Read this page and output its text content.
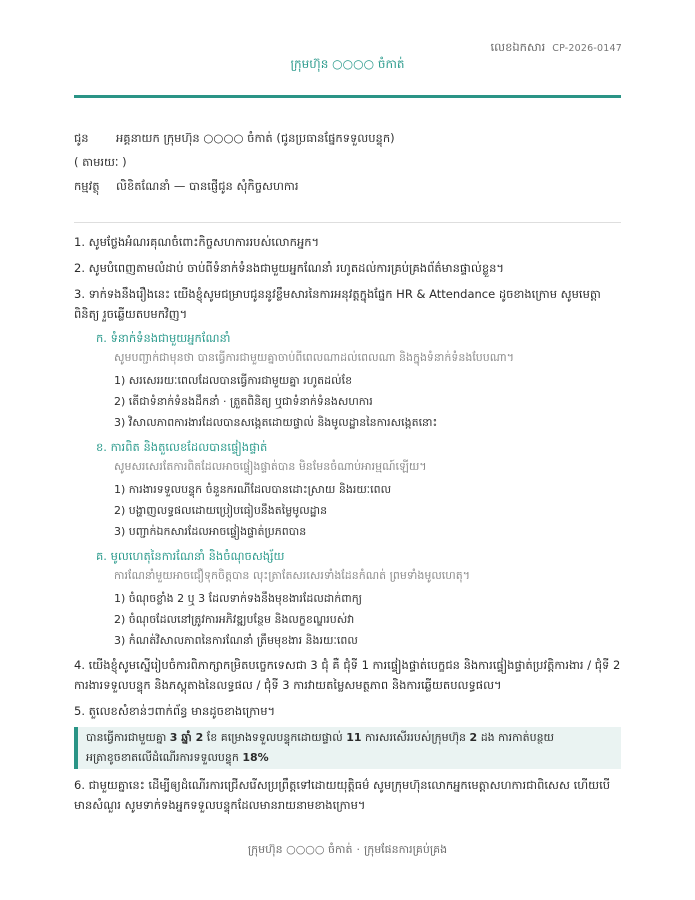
លេខឯកសារ CP-2026-0147
ក្រុមហ៊ុន ○○○○ ចំកាត់
ជូន អគ្គនាយក ក្រុមហ៊ុន ○○○○ ចំកាត់ (ជូនប្រធានផ្នែកទទួលបន្ទុក)
( តាមរយៈ )
កម្មវត្ថុ លិខិតណែនាំ — បានផ្ញើជូន សុំកិច្ចសហការ

1. សូមថ្លែងអំណរគុណចំពោះកិច្ចសហការរបស់លោកអ្នក។

2. សូមបំពេញតាមលំដាប់ ចាប់ពីទំនាក់ទំនងជាមួយអ្នកណែនាំ រហូតដល់ការគ្រប់គ្រងព័ត៌មានផ្ទាល់ខ្លួន។

3. ទាក់ទងនឹងរឿងនេះ យើងខ្ញុំសូមជម្រាបជូននូវខ្លឹមសារនៃការអនុវត្តក្នុងផ្នែក HR & Attendance ដូចខាងក្រោម សូមមេត្តាពិនិត្យ រួចឆ្លើយតបមកវិញ។

ក. ទំនាក់ទំនងជាមួយអ្នកណែនាំ

សូមបញ្ជាក់ជាមុនថា បានធ្វើការជាមួយគ្នាចាប់ពីពេលណាដល់ពេលណា និងក្នុងទំនាក់ទំនងបែបណា។

1) សរសេររយៈពេលដែលបានធ្វើការជាមួយគ្នា រហូតដល់ខែ

2) តើជាទំនាក់ទំនងដឹកនាំ · ត្រួតពិនិត្យ ឬជាទំនាក់ទំនងសហការ

3) វិសាលភាពការងារដែលបានសង្កេតដោយផ្ទាល់ និងមូលដ្ឋាននៃការសង្កេតនោះ

ខ. ការពិត និងតួលេខដែលបានផ្ទៀងផ្ទាត់

សូមសរសេរតែការពិតដែលអាចផ្ទៀងផ្ទាត់បាន មិនមែនចំណាប់អារម្មណ៍ឡើយ។

1) ការងារទទួលបន្ទុក ចំនួនករណីដែលបានដោះស្រាយ និងរយៈពេល

2) បង្ហាញលទ្ធផលដោយប្រៀបធៀបនឹងតម្លៃមូលដ្ឋាន

3) បញ្ជាក់ឯកសារដែលអាចផ្ទៀងផ្ទាត់ប្រភពបាន

គ. មូលហេតុនៃការណែនាំ និងចំណុចសង្ស័យ

ការណែនាំមួយអាចជឿទុកចិត្តបាន លុះត្រាតែសរសេរទាំងដែនកំណត់ ព្រមទាំងមូលហេតុ។

1) ចំណុចខ្លាំង 2 ឬ 3 ដែលទាក់ទងនឹងមុខងារដែលដាក់ពាក្យ

2) ចំណុចដែលនៅត្រូវការអភិវឌ្ឍបន្ថែម និងលក្ខខណ្ឌរបស់វា

3) កំណត់វិសាលភាពនៃការណែនាំ ត្រឹមមុខងារ និងរយៈពេល

4. យើងខ្ញុំសូមស្នើរៀបចំការពិភាក្សាកម្រិតបច្ចេកទេសជា 3 ជុំ គឺ ជុំទី 1 ការផ្ទៀងផ្ទាត់បេក្ខជន និងការផ្ទៀងផ្ទាត់ប្រវត្តិការងារ / ជុំទី 2 ការងារទទួលបន្ទុក និងភស្តុតាងនៃលទ្ធផល / ជុំទី 3 ការវាយតម្លៃសមត្ថភាព និងការឆ្លើយតបលទ្ធផល។

5. តួលេខសំខាន់ៗពាក់ព័ន្ធ មានដូចខាងក្រោម។

បានធ្វើការជាមួយគ្នា 3 ឆ្នាំ 2 ខែ គម្រោងទទួលបន្ទុកដោយផ្ទាល់ 11 ការសរសើររបស់ក្រុមហ៊ុន 2 ដង ការកាត់បន្ថយអត្រាខូចខាតលើដំណើរការទទួលបន្ទុក 18%

6. ជាមួយគ្នានេះ ដើម្បីឲ្យដំណើរការជ្រើសរើសប្រព្រឹត្តទៅដោយយុត្តិធម៌ សូមក្រុមហ៊ុនលោកអ្នកមេត្តាសហការជាពិសេស ហើយបើមានសំណួរ សូមទាក់ទងអ្នកទទួលបន្ទុកដែលមានរាយនាមខាងក្រោម។

ក្រុមហ៊ុន ○○○○ ចំកាត់ · ក្រុមផែនការគ្រប់គ្រង
